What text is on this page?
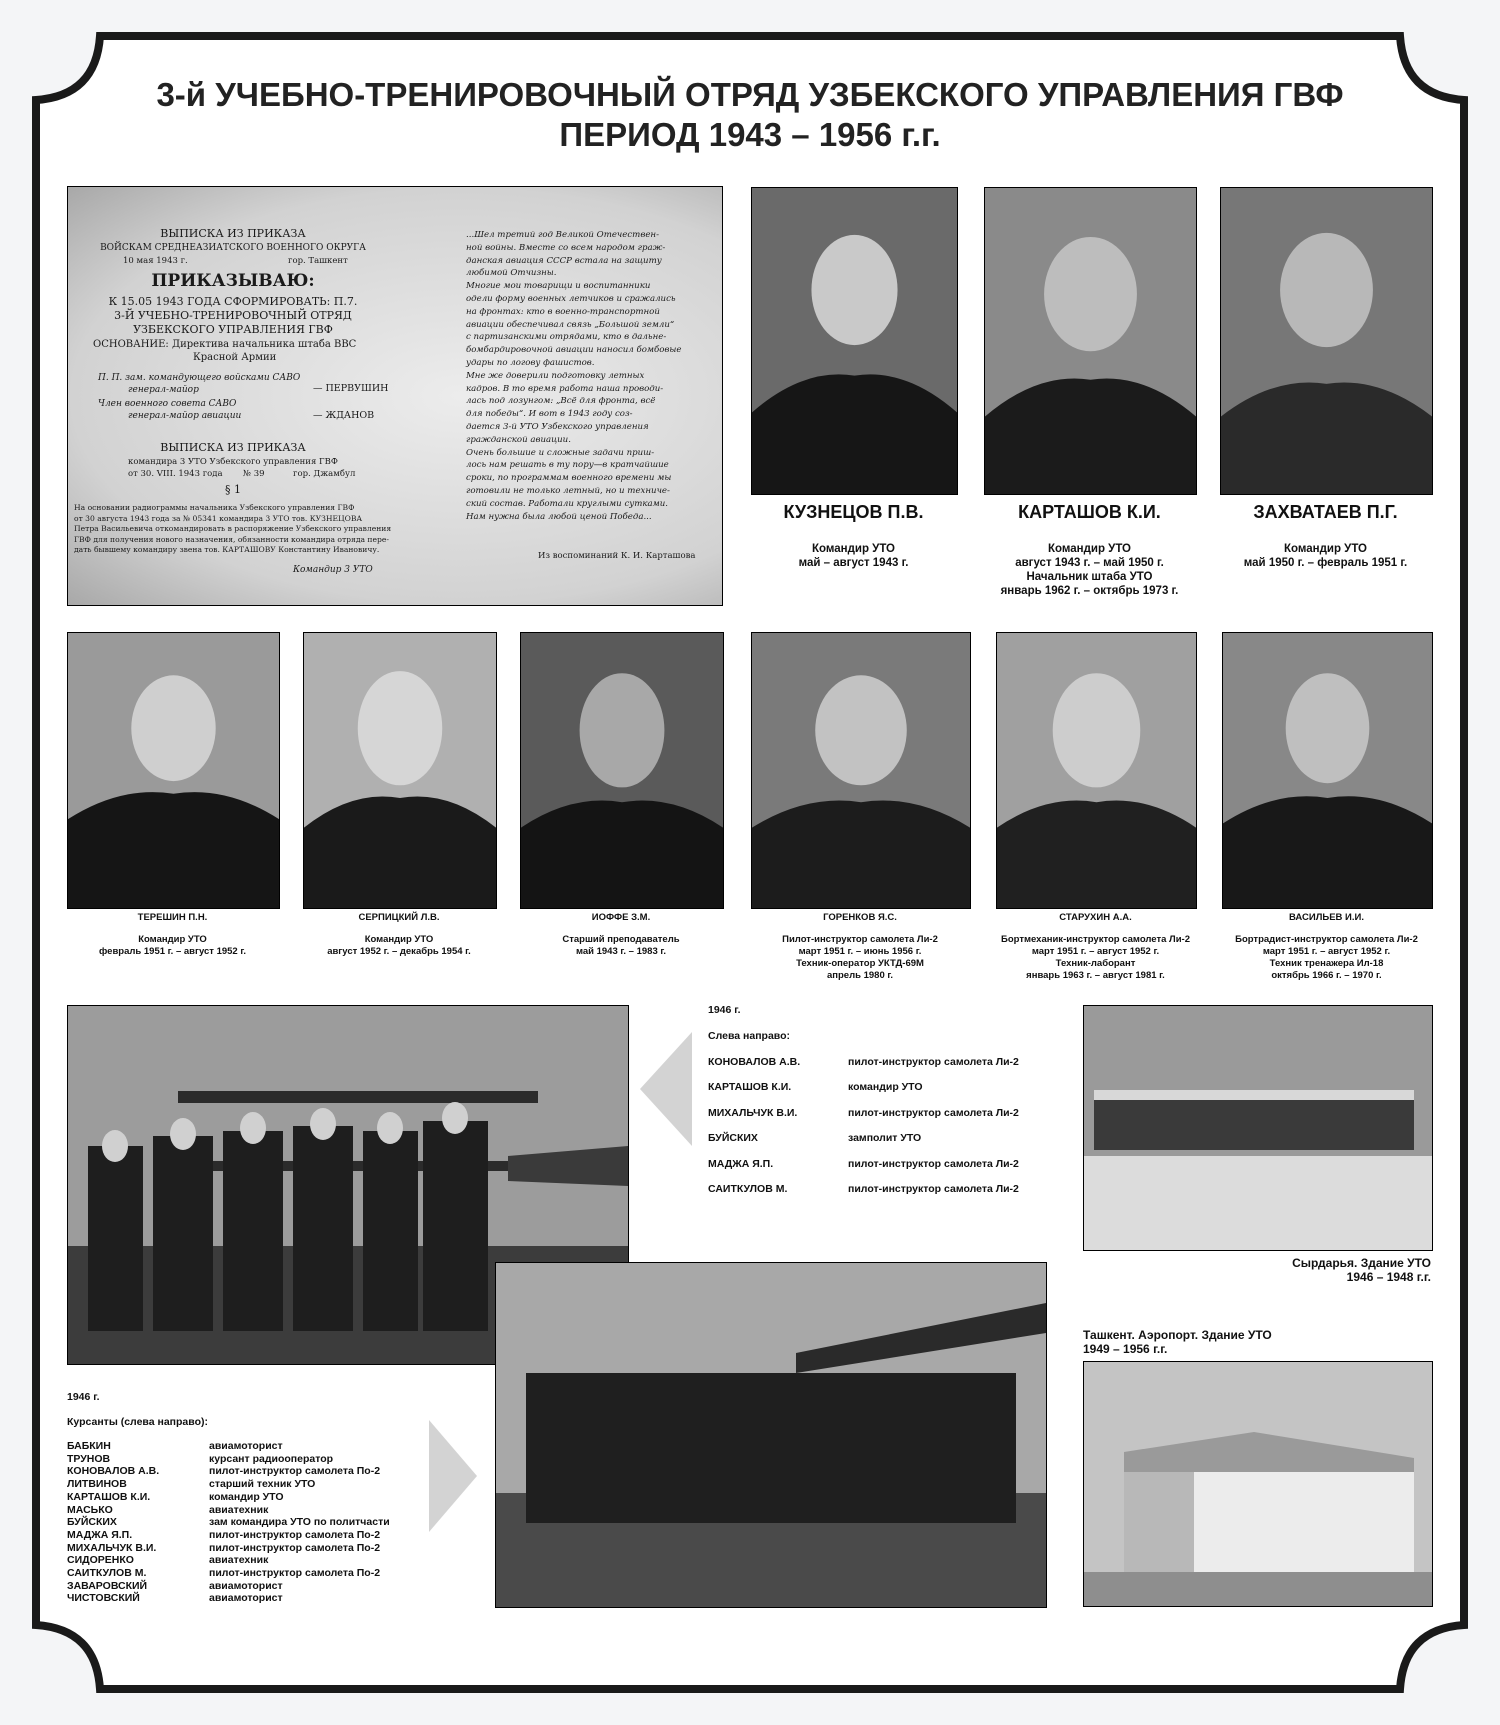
3-й УЧЕБНО-ТРЕНИРОВОЧНЫЙ ОТРЯД УЗБЕКСКОГО УПРАВЛЕНИЯ ГВФ
ПЕРИОД 1943 – 1956 г.г.
ВЫПИСКА ИЗ ПРИКАЗА
ВОЙСКАМ СРЕДНЕАЗИАТСКОГО ВОЕННОГО ОКРУГА
10 мая 1943 г.	гор. Ташкент
ПРИКАЗЫВАЮ:
К 15.05 1943 ГОДА СФОРМИРОВАТЬ: П.7.
3-Й УЧЕБНО-ТРЕНИРОВОЧНЫЙ ОТРЯД
УЗБЕКСКОГО УПРАВЛЕНИЯ ГВФ
ОСНОВАНИЕ: Директива начальника штаба ВВС
Красной Армии
П. П. зам. командующего войсками САВО
генерал-майор	— ПЕРВУШИН
Член военного совета САВО
генерал-майор авиации	— ЖДАНОВ
ВЫПИСКА ИЗ ПРИКАЗА
командира 3 УТО Узбекского управления ГВФ
от 30. VIII. 1943 года № 39	гор. Джамбул
§ 1
На основании радиограммы начальника Узбекского управления ГВФ
от 30 августа 1943 года за № 05341 командира 3 УТО тов. КУЗНЕЦОВА
Петра Васильевича откомандировать в распоряжение Узбекского управления
ГВФ для получения нового назначения, обязанности командира отряда пере-
дать бывшему командиру звена тов. КАРТАШОВУ Константину Ивановичу.
Командир 3 УТО
...Шел третий год Великой Отечествен-
ной войны. Вместе со всем народом граж-
данская авиация СССР встала на защиту
любимой Отчизны.
Многие мои товарищи и воспитанники
одели форму военных летчиков и сражались
на фронтах: кто в военно-транспортной
авиации обеспечивал связь „Большой земли“
с партизанскими отрядами, кто в дальне-
бомбардировочной авиации наносил бомбовые
удары по логову фашистов.
Мне же доверили подготовку летных
кадров. В то время работа наша проводи-
лась под лозунгом: „Всё для фронта, всё
для победы“. И вот в 1943 году соз-
дается 3-й УТО Узбекского управления
гражданской авиации.
Очень большие и сложные задачи приш-
лось нам решать в ту пору—в кратчайшие
сроки, по программам военного времени мы
готовили не только летный, но и техниче-
ский состав. Работали круглыми сутками.
Нам нужна была любой ценой Победа...
Из воспоминаний К. И. Карташова
КУЗНЕЦОВ П.В.	КАРТАШОВ К.И.	ЗАХВАТАЕВ П.Г.
Командир УТО
май – август 1943 г.
Командир УТО
август 1943 г. – май 1950 г.
Начальник штаба УТО
январь 1962 г. – октябрь 1973 г.
Командир УТО
май 1950 г. – февраль 1951 г.
ТЕРЕШИН П.Н.	СЕРПИЦКИЙ Л.В.	ИОФФЕ З.М.	ГОРЕНКОВ Я.С.	СТАРУХИН А.А.	ВАСИЛЬЕВ И.И.
Командир УТО
февраль 1951 г. – август 1952 г.
Командир УТО
август 1952 г. – декабрь 1954 г.
Старший преподаватель
май 1943 г. – 1983 г.
Пилот-инструктор самолета Ли-2
март 1951 г. – июнь 1956 г.
Техник-оператор УКТД-69М
апрель 1980 г.
Бортмеханик-инструктор самолета Ли-2
март 1951 г. – август 1952 г.
Техник-лаборант
январь 1963 г. – август 1981 г.
Бортрадист-инструктор самолета Ли-2
март 1951 г. – август 1952 г.
Техник тренажера Ил-18
октябрь 1966 г. – 1970 г.
1946 г.
Слева направо:
КОНОВАЛОВ А.В.	пилот-инструктор самолета Ли-2
КАРТАШОВ К.И.	командир УТО
МИХАЛЬЧУК В.И.	пилот-инструктор самолета Ли-2
БУЙСКИХ	замполит УТО
МАДЖА Я.П.	пилот-инструктор самолета Ли-2
САИТКУЛОВ М.	пилот-инструктор самолета Ли-2
Сырдарья. Здание УТО
1946 – 1948 г.г.
1946 г.
Курсанты (слева направо):
БАБКИН	авиамоторист
ТРУНОВ	курсант радиооператор
КОНОВАЛОВ А.В.	пилот-инструктор самолета По-2
ЛИТВИНОВ	старший техник УТО
КАРТАШОВ К.И.	командир УТО
МАСЬКО	авиатехник
БУЙСКИХ	зам командира УТО по политчасти
МАДЖА Я.П.	пилот-инструктор самолета По-2
МИХАЛЬЧУК В.И.	пилот-инструктор самолета По-2
СИДОРЕНКО	авиатехник
САИТКУЛОВ М.	пилот-инструктор самолета По-2
ЗАВАРОВСКИЙ	авиамоторист
ЧИСТОВСКИЙ	авиамоторист
Ташкент. Аэропорт. Здание УТО
1949 – 1956 г.г.
